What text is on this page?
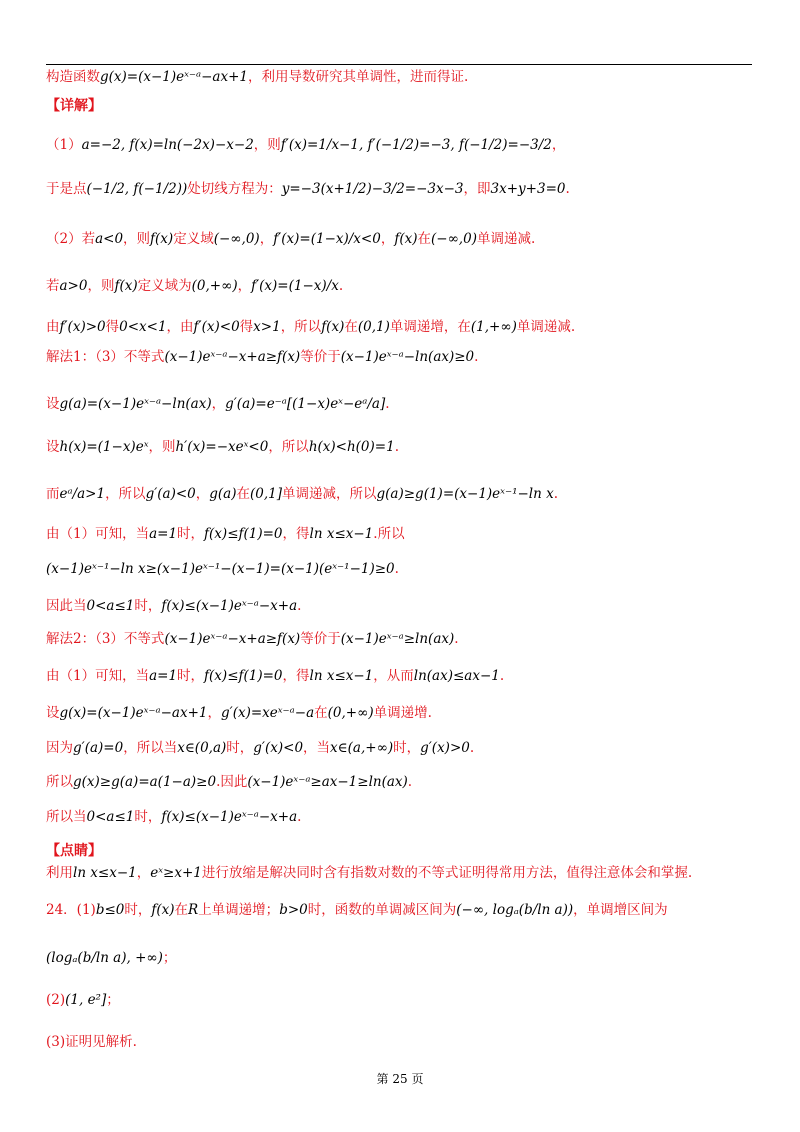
构造函数g(x)=(x−1)eˣ⁻ᵃ−ax+1，利用导数研究其单调性，进而得证.
【详解】
（1）a=−2, f(x)=ln(−2x)−x−2，则f′(x)=1/x−1, f′(−1/2)=−3, f(−1/2)=−3/2，
于是点(−1/2, f(−1/2))处切线方程为：y=−3(x+1/2)−3/2=−3x−3，即3x+y+3=0.
（2）若a<0，则f(x)定义域(−∞,0)，f′(x)=(1−x)/x<0，f(x)在(−∞,0)单调递减.
若a>0，则f(x)定义域为(0,+∞)，f′(x)=(1−x)/x.
由f′(x)>0得0<x<1，由f′(x)<0得x>1，所以f(x)在(0,1)单调递增，在(1,+∞)单调递减.
解法1：（3）不等式(x−1)eˣ⁻ᵃ−x+a≥f(x)等价于(x−1)eˣ⁻ᵃ−ln(ax)≥0.
设g(a)=(x−1)eˣ⁻ᵃ−ln(ax)，g′(a)=e⁻ᵃ[(1−x)eˣ−eᵃ/a].
设h(x)=(1−x)eˣ，则h′(x)=−xeˣ<0，所以h(x)<h(0)=1.
而eᵃ/a>1，所以g′(a)<0，g(a)在(0,1]单调递减，所以g(a)≥g(1)=(x−1)eˣ⁻¹−ln x.
由（1）可知，当a=1时，f(x)≤f(1)=0，得ln x≤x−1.所以
(x−1)eˣ⁻¹−ln x≥(x−1)eˣ⁻¹−(x−1)=(x−1)(eˣ⁻¹−1)≥0.
因此当0<a≤1时，f(x)≤(x−1)eˣ⁻ᵃ−x+a.
解法2：（3）不等式(x−1)eˣ⁻ᵃ−x+a≥f(x)等价于(x−1)eˣ⁻ᵃ≥ln(ax).
由（1）可知，当a=1时，f(x)≤f(1)=0，得ln x≤x−1，从而ln(ax)≤ax−1.
设g(x)=(x−1)eˣ⁻ᵃ−ax+1，g′(x)=xeˣ⁻ᵃ−a在(0,+∞)单调递增.
因为g′(a)=0，所以当x∈(0,a)时，g′(x)<0，当x∈(a,+∞)时，g′(x)>0.
所以g(x)≥g(a)=a(1−a)≥0.因此(x−1)eˣ⁻ᵃ≥ax−1≥ln(ax).
所以当0<a≤1时，f(x)≤(x−1)eˣ⁻ᵃ−x+a.
【点睛】
利用ln x≤x−1，eˣ≥x+1进行放缩是解决同时含有指数对数的不等式证明得常用方法，值得注意体会和掌握.
24．(1)b≤0时，f(x)在R上单调递增；b>0时，函数的单调减区间为(−∞, logₐ(b/ln a))，单调增区间为
(logₐ(b/ln a), +∞)；
(2)(1, e²]；
(3)证明见解析.
第 25 页
